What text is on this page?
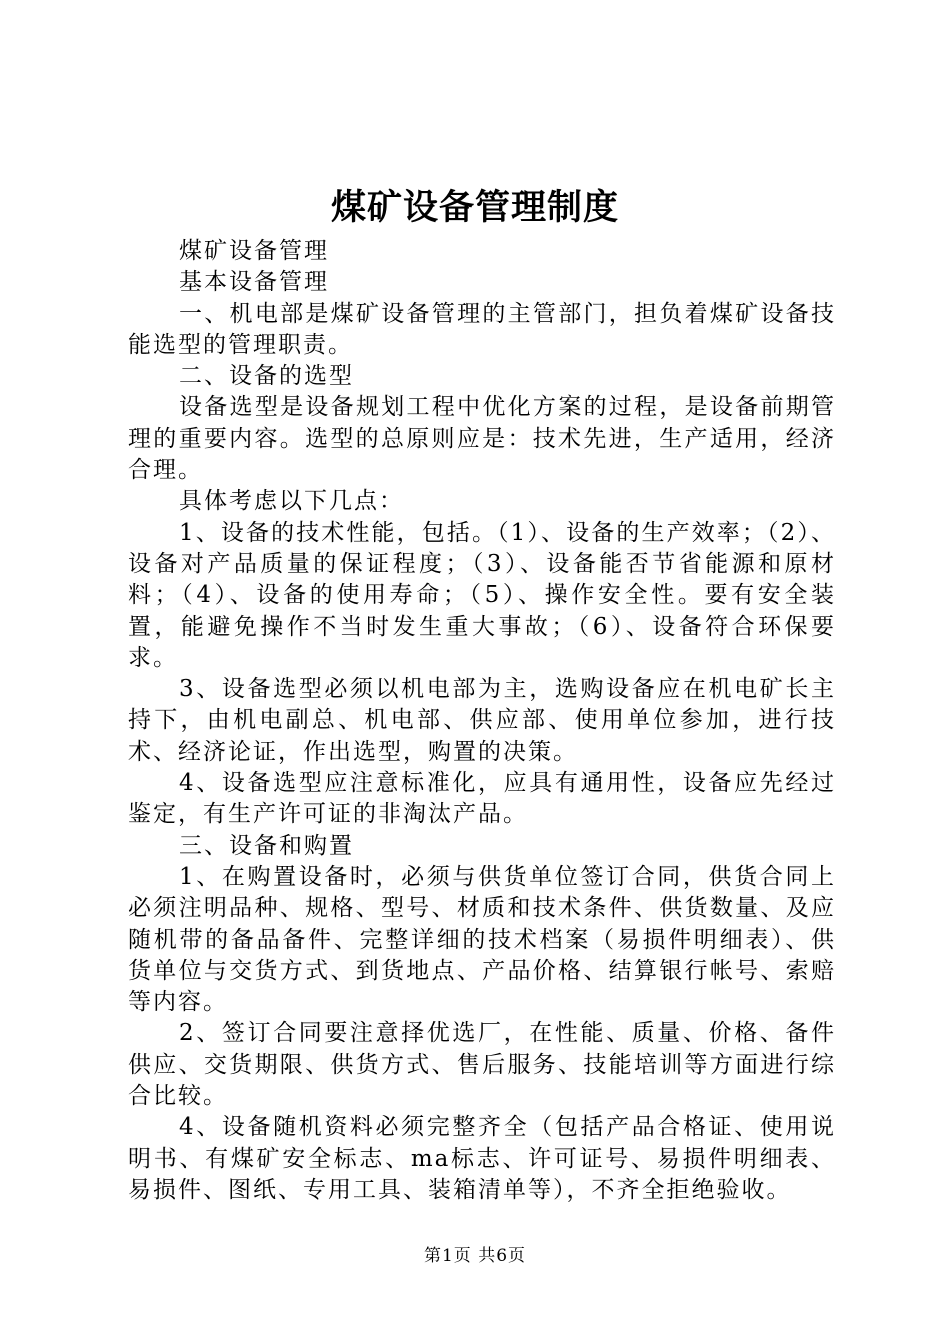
煤矿设备管理制度

煤矿设备管理

基本设备管理

一、机电部是煤矿设备管理的主管部门，担负着煤矿设备技能选型的管理职责。

二、设备的选型

设备选型是设备规划工程中优化方案的过程，是设备前期管理的重要内容。选型的总原则应是：技术先进，生产适用，经济合理。

具体考虑以下几点：

1、设备的技术性能，包括。（1）、设备的生产效率；（2）、设备对产品质量的保证程度；（3）、设备能否节省能源和原材料；（4）、设备的使用寿命；（5）、操作安全性。要有安全装置，能避免操作不当时发生重大事故；（6）、设备符合环保要求。

3、设备选型必须以机电部为主，选购设备应在机电矿长主持下，由机电副总、机电部、供应部、使用单位参加，进行技术、经济论证，作出选型，购置的决策。

4、设备选型应注意标准化，应具有通用性，设备应先经过鉴定，有生产许可证的非淘汰产品。

三、设备和购置

1、在购置设备时，必须与供货单位签订合同，供货合同上必须注明品种、规格、型号、材质和技术条件、供货数量、及应随机带的备品备件、完整详细的技术档案（易损件明细表）、供货单位与交货方式、到货地点、产品价格、结算银行帐号、索赔等内容。

2、签订合同要注意择优选厂，在性能、质量、价格、备件供应、交货期限、供货方式、售后服务、技能培训等方面进行综合比较。

4、设备随机资料必须完整齐全（包括产品合格证、使用说明书、有煤矿安全标志、ma标志、许可证号、易损件明细表、易损件、图纸、专用工具、装箱清单等），不齐全拒绝验收。

第1页 共6页
